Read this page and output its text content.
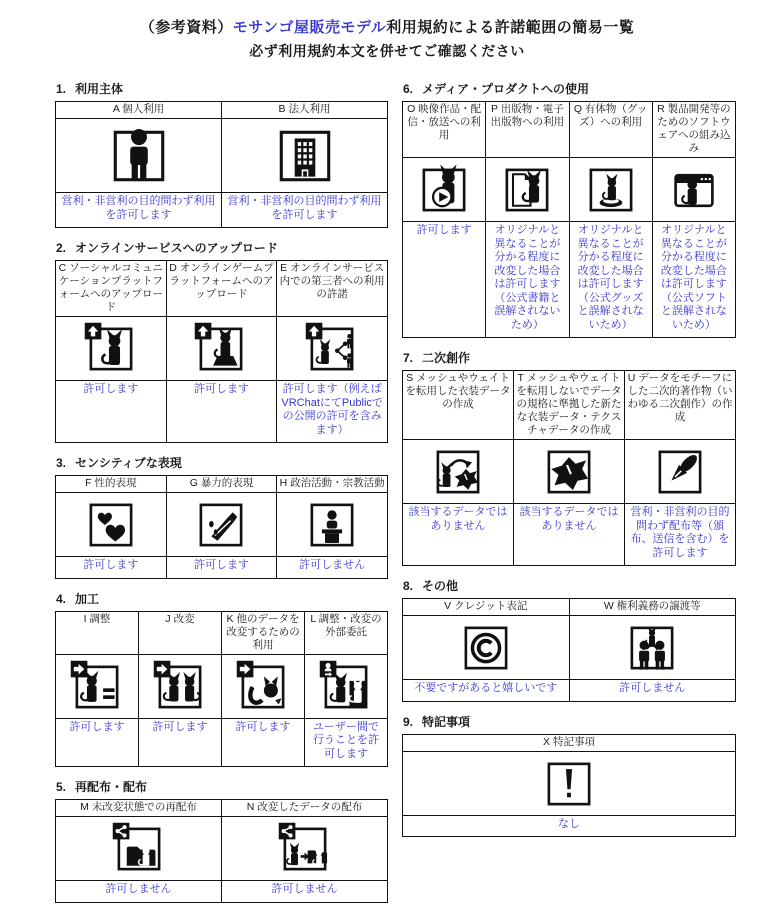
（参考資料）モサンゴ屋販売モデル利用規約による許諾範囲の簡易一覧
必ず利用規約本文を併せてご確認ください
1. 利用主体
A 個人利用	B 法人利用

営利・非営利の目的問わず利用を許可します	営利・非営利の目的問わず利用を許可します
2. オンラインサービスへのアップロード
C ソーシャルコミュニケーションプラットフォームへのアップロード	D オンラインゲームプラットフォームへのアップロード	E オンラインサービス内での第三者への利用の許諾

許可します	許可します	許可します（例えばVRChatにてPublicでの公開の許可を含みます）
3. センシティブな表現
F 性的表現	G 暴力的表現	H 政治活動・宗教活動

許可します	許可します	許可しません
4. 加工
I 調整	J 改変	K 他のデータを改変するための利用	L 調整・改変の外部委託

許可します	許可します	許可します	ユーザー間で行うことを許可します
5. 再配布・配布
M 未改変状態での再配布	N 改変したデータの配布

許可しません	許可しません
6. メディア・プロダクトへの使用
O 映像作品・配信・放送への利用	P 出版物・電子出版物への利用	Q 有体物（グッズ）への利用	R 製品開発等のためのソフトウェアへの組み込み

許可します	オリジナルと異なることが分かる程度に改変した場合は許可します（公式書籍と誤解されないため）	オリジナルと異なることが分かる程度に改変した場合は許可します（公式グッズと誤解されないため）	オリジナルと異なることが分かる程度に改変した場合は許可します（公式ソフトと誤解されないため）
7. 二次創作
S メッシュやウェイトを転用した衣装データの作成	T メッシュやウェイトを転用しないでデータの規格に準拠した新たな衣装データ・テクスチャデータの作成	U データをモチーフにした二次的著作物（いわゆる二次創作）の作成

該当するデータではありません	該当するデータではありません	営利・非営利の目的問わず配布等（頒布、送信を含む）を許可します
8. その他
V クレジット表記	W 権利義務の譲渡等

不要ですがあると嬉しいです	許可しません
9. 特記事項
X 特記事項

なし
